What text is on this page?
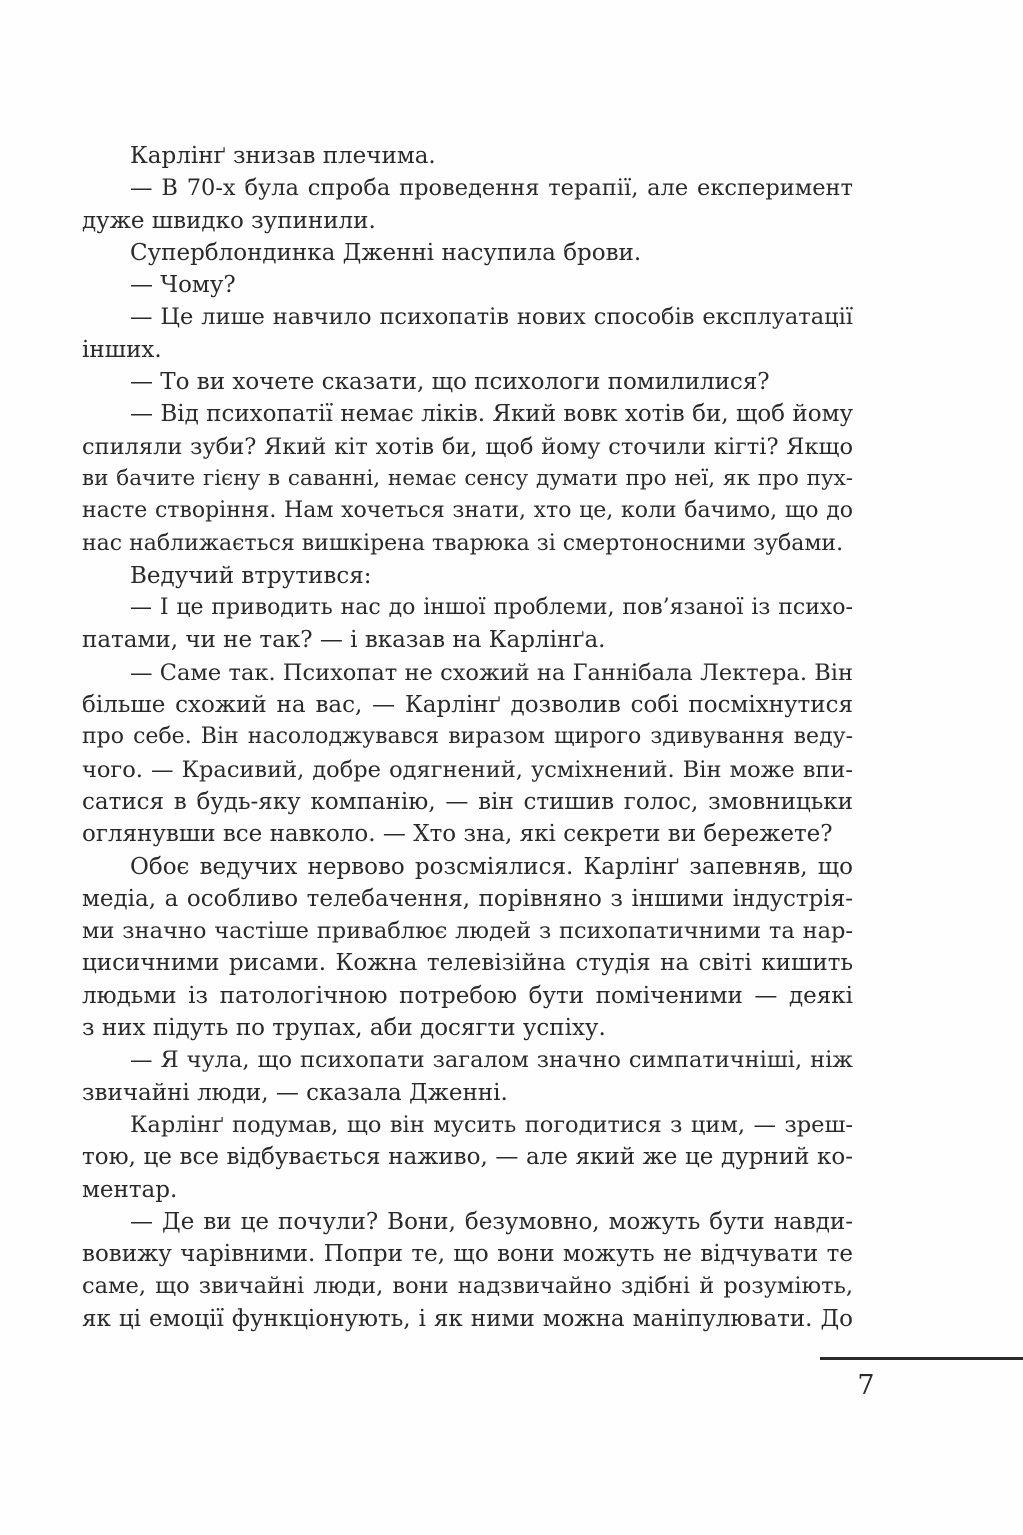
Карлінґ знизав плечима.
— В 70-х була спроба проведення терапії, але експеримент
дуже швидко зупинили.
Суперблондинка Дженні насупила брови.
— Чому?
— Це лише навчило психопатів нових способів експлуатації
інших.
— То ви хочете сказати, що психологи помилилися?
— Від психопатії немає ліків. Який вовк хотів би, щоб йому
спиляли зуби? Який кіт хотів би, щоб йому сточили кігті? Якщо
ви бачите гієну в саванні, немає сенсу думати про неї, як про пух-
насте створіння. Нам хочеться знати, хто це, коли бачимо, що до
нас наближається вишкірена тварюка зі смертоносними зубами.
Ведучий втрутився:
— І це приводить нас до іншої проблеми, пов’язаної із психо-
патами, чи не так? — і вказав на Карлінґа.
— Саме так. Психопат не схожий на Ганнібала Лектера. Він
більше схожий на вас, — Карлінґ дозволив собі посміхнутися
про себе. Він насолоджувався виразом щирого здивування веду-
чого. — Красивий, добре одягнений, усміхнений. Він може впи-
сатися в будь-яку компанію, — він стишив голос, змовницьки
оглянувши все навколо. — Хто зна, які секрети ви бережете?
Обоє ведучих нервово розсміялися. Карлінґ запевняв, що
медіа, а особливо телебачення, порівняно з іншими індустрія-
ми значно частіше приваблює людей з психопатичними та нар-
цисичними рисами. Кожна телевізійна студія на світі кишить
людьми із патологічною потребою бути поміченими — деякі
з них підуть по трупах, аби досягти успіху.
— Я чула, що психопати загалом значно симпатичніші, ніж
звичайні люди, — сказала Дженні.
Карлінґ подумав, що він мусить погодитися з цим, — зреш-
тою, це все відбувається наживо, — але який же це дурний ко-
ментар.
— Де ви це почули? Вони, безумовно, можуть бути навди-
вовижу чарівними. Попри те, що вони можуть не відчувати те
саме, що звичайні люди, вони надзвичайно здібні й розуміють,
як ці емоції функціонують, і як ними можна маніпулювати. До
7
